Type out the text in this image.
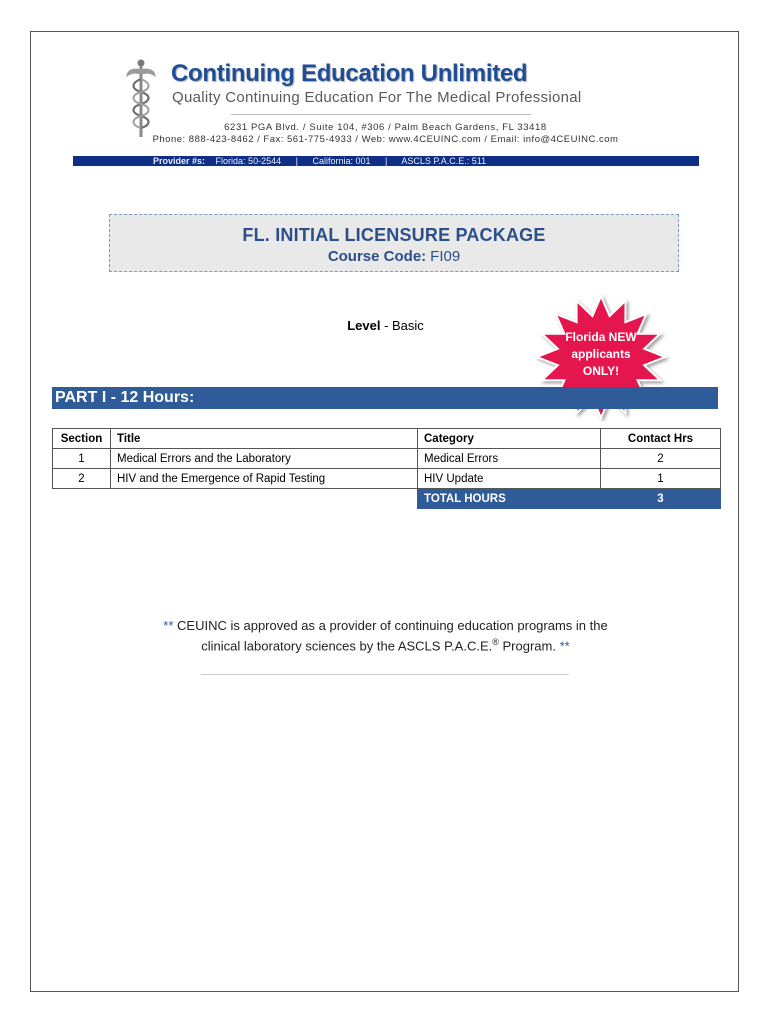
Continuing Education Unlimited
Quality Continuing Education For The Medical Professional
6231 PGA Blvd. / Suite 104, #306 / Palm Beach Gardens, FL 33418
Phone: 888-423-8462 / Fax: 561-775-4933 / Web: www.4CEUINC.com / Email: info@4CEUINC.com
Provider #s: Florida: 50-2544 | California: 001 | ASCLS P.A.C.E.: 511
FL. INITIAL LICENSURE PACKAGE
Course Code: FI09
Level - Basic
Florida NEW
applicants
ONLY!
PART I - 12 Hours:
Section	Title	Category	Contact Hrs
1	Medical Errors and the Laboratory	Medical Errors	2
2	HIV and the Emergence of Rapid Testing	HIV Update	1
		TOTAL HOURS	3
** CEUINC is approved as a provider of continuing education programs in the
clinical laboratory sciences by the ASCLS P.A.C.E.® Program. **
